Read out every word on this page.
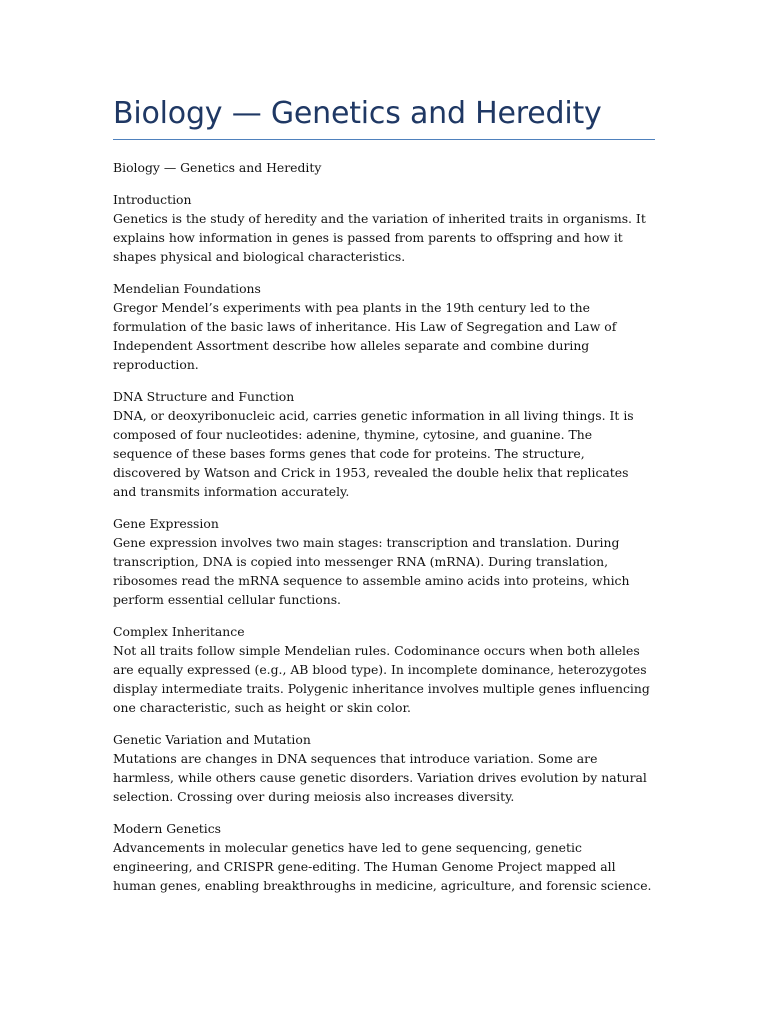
Biology — Genetics and Heredity
Biology — Genetics and Heredity
Introduction
Genetics is the study of heredity and the variation of inherited traits in organisms. It explains how information in genes is passed from parents to offspring and how it shapes physical and biological characteristics.
Mendelian Foundations
Gregor Mendel’s experiments with pea plants in the 19th century led to the formulation of the basic laws of inheritance. His Law of Segregation and Law of Independent Assortment describe how alleles separate and combine during reproduction.
DNA Structure and Function
DNA, or deoxyribonucleic acid, carries genetic information in all living things. It is composed of four nucleotides: adenine, thymine, cytosine, and guanine. The sequence of these bases forms genes that code for proteins. The structure, discovered by Watson and Crick in 1953, revealed the double helix that replicates and transmits information accurately.
Gene Expression
Gene expression involves two main stages: transcription and translation. During transcription, DNA is copied into messenger RNA (mRNA). During translation, ribosomes read the mRNA sequence to assemble amino acids into proteins, which perform essential cellular functions.
Complex Inheritance
Not all traits follow simple Mendelian rules. Codominance occurs when both alleles are equally expressed (e.g., AB blood type). In incomplete dominance, heterozygotes display intermediate traits. Polygenic inheritance involves multiple genes influencing one characteristic, such as height or skin color.
Genetic Variation and Mutation
Mutations are changes in DNA sequences that introduce variation. Some are harmless, while others cause genetic disorders. Variation drives evolution by natural selection. Crossing over during meiosis also increases diversity.
Modern Genetics
Advancements in molecular genetics have led to gene sequencing, genetic engineering, and CRISPR gene-editing. The Human Genome Project mapped all human genes, enabling breakthroughs in medicine, agriculture, and forensic science.
